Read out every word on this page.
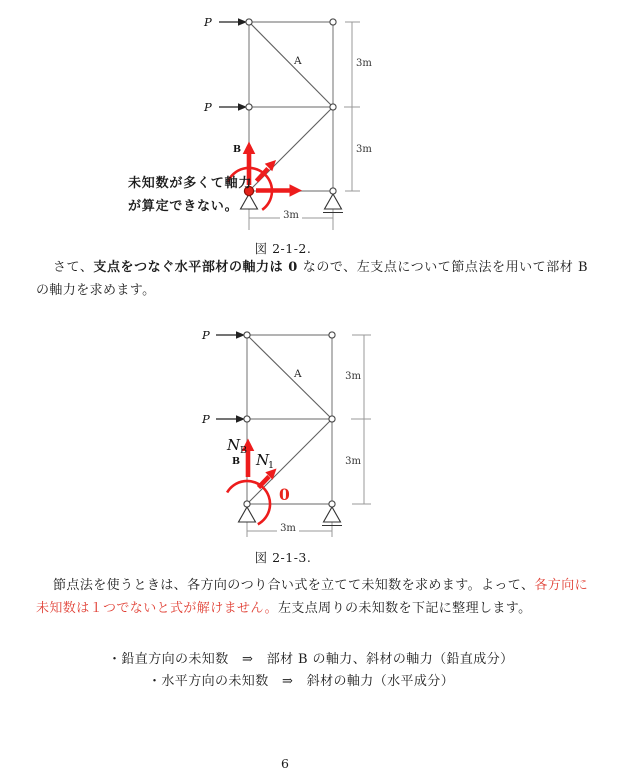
3m
3m
3m
P
P
A
B
未知数が多くて軸力
が算定できない。
図 2-1-2.

さて、支点をつなぐ水平部材の軸力は 0 なので、左支点について節点法を用いて部材 B の軸力を求めます。

3m
3m
3m
P
P
A
B
N B
N
1
0
図 2-1-3.

節点法を使うときは、各方向のつり合い式を立てて未知数を求めます。よって、各方向に未知数は１つでないと式が解けません。左支点周りの未知数を下記に整理します。

・鉛直方向の未知数　⇒　部材 B の軸力、斜材の軸力（鉛直成分）
・水平方向の未知数　⇒　斜材の軸力（水平成分）
6
